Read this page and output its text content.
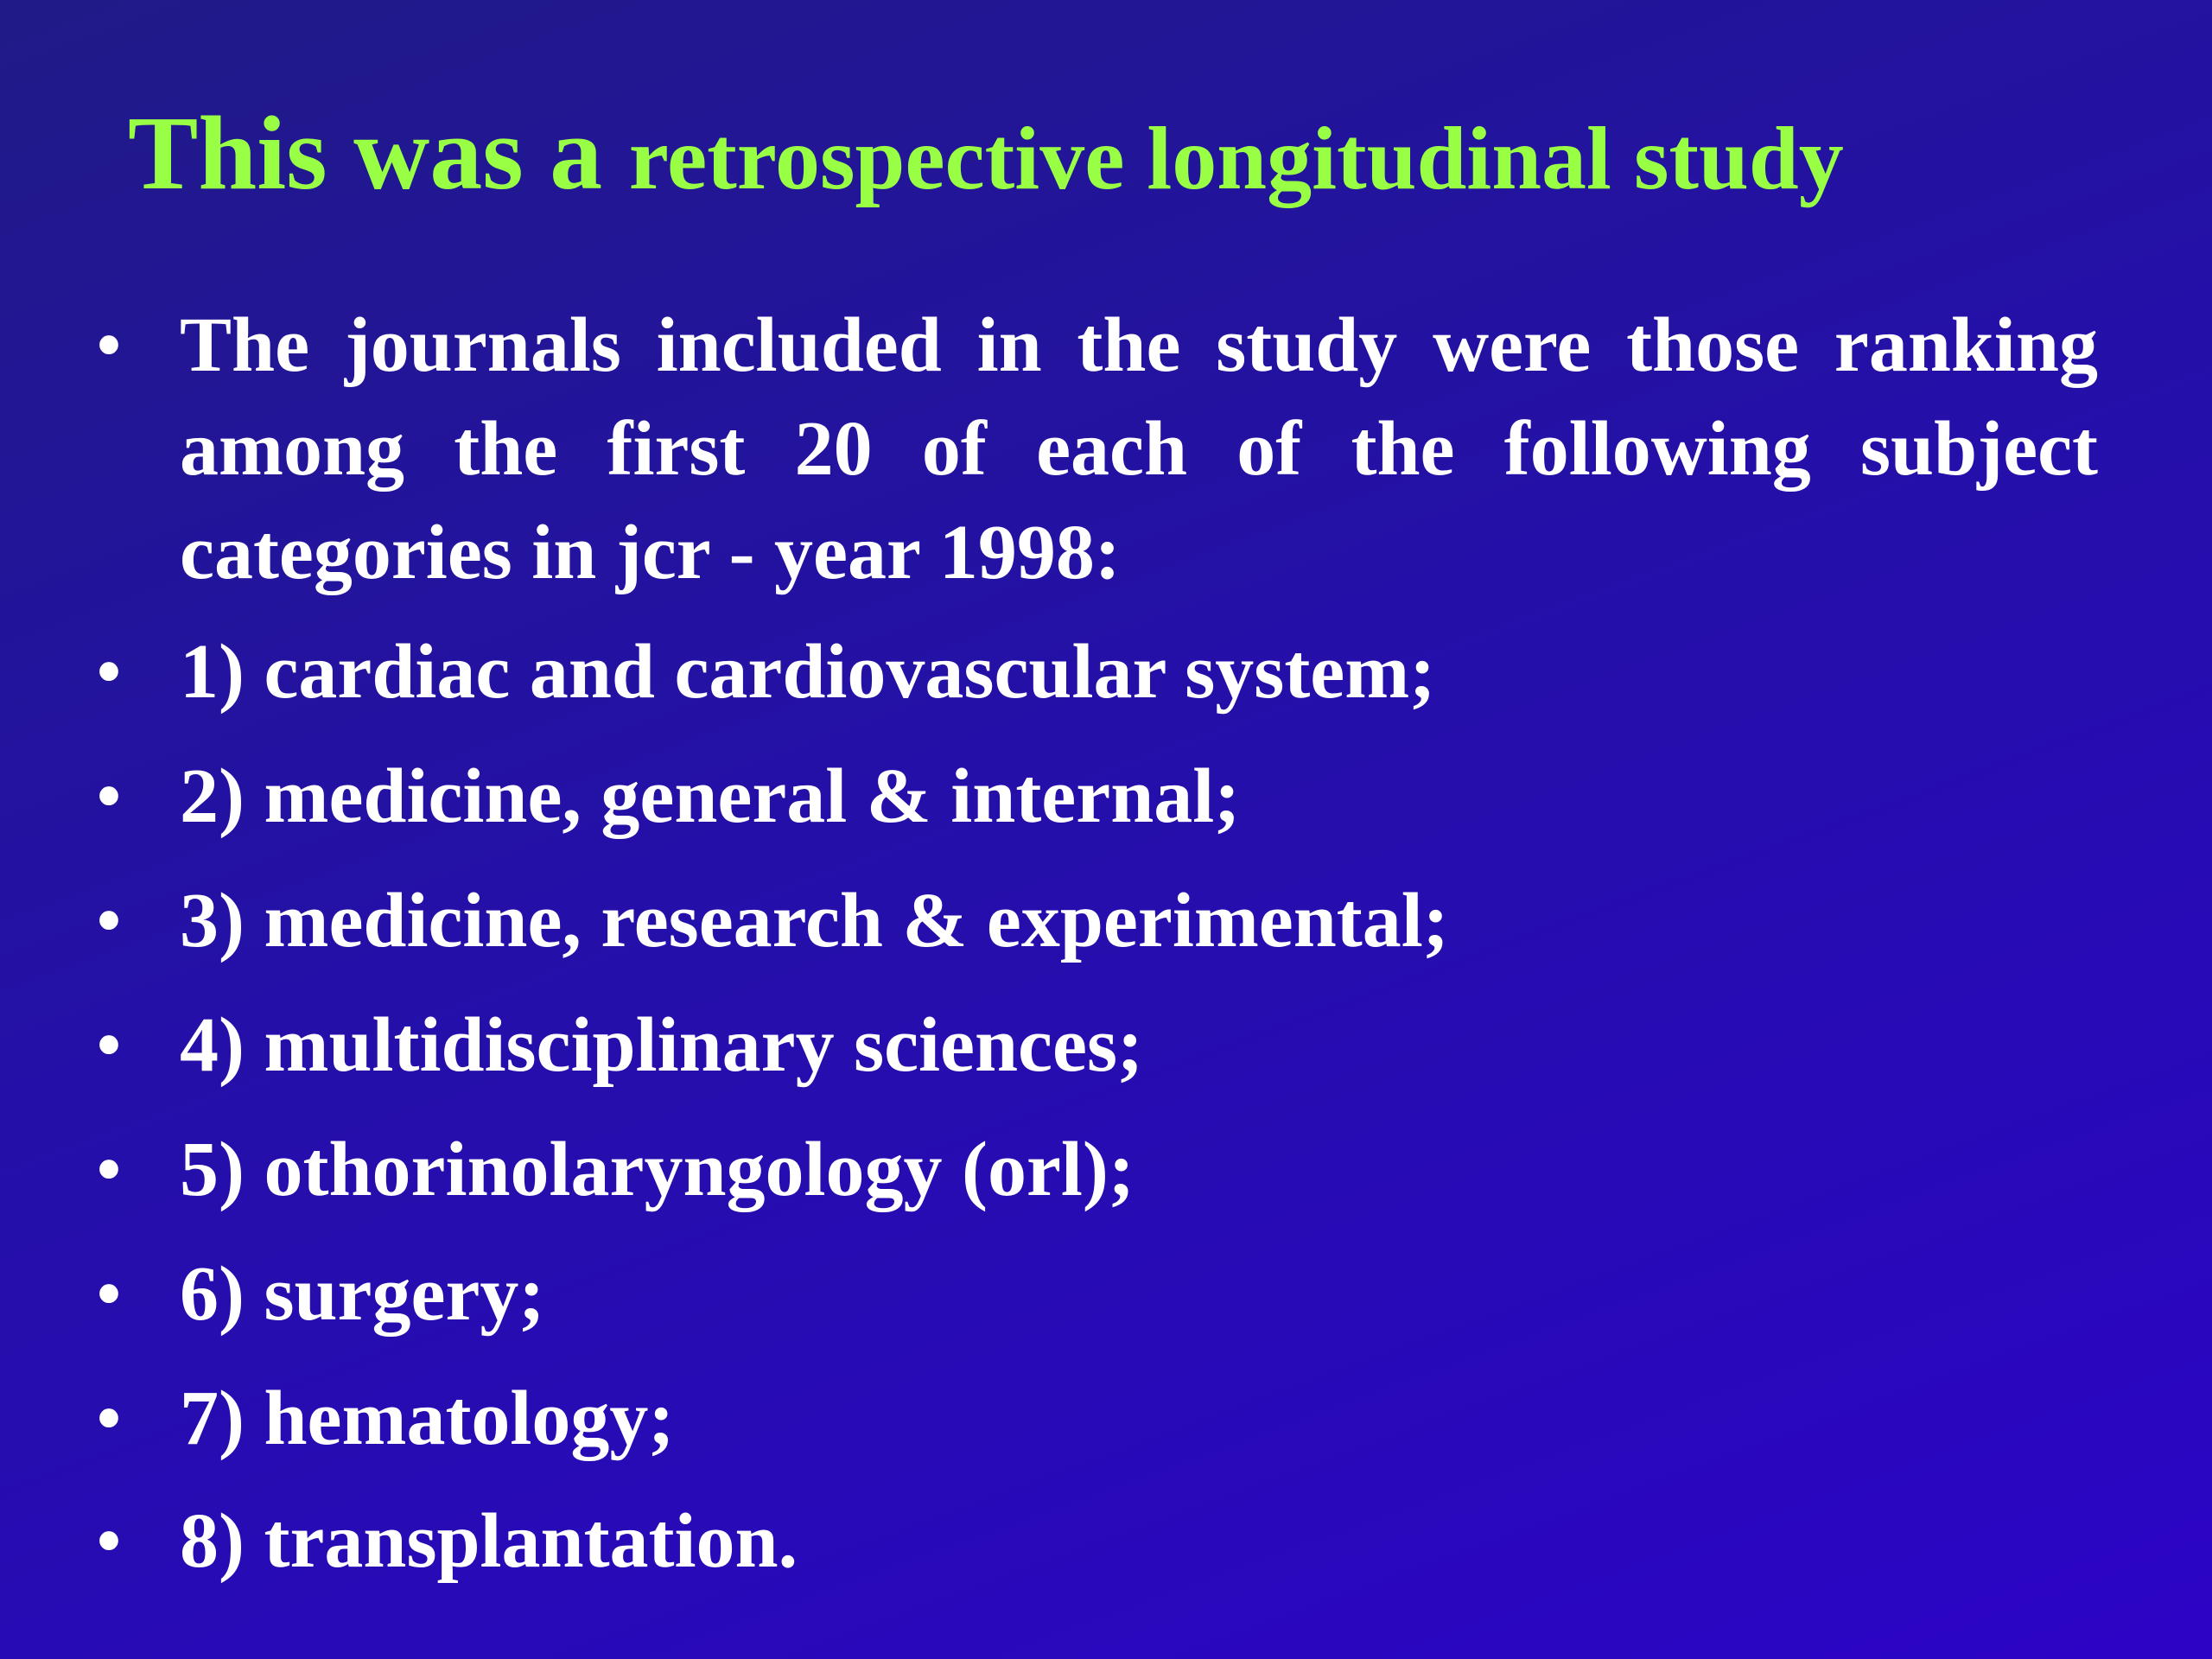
This was a retrospective longitudinal study
• The journals included in the study were those ranking among the first 20 of each of the following subject categories in jcr - year 1998:
• 1) cardiac and cardiovascular system;
• 2) medicine, general & internal;
• 3) medicine, research & experimental;
• 4) multidisciplinary sciences;
• 5) othorinolaryngology (orl);
• 6) surgery;
• 7) hematology;
• 8) transplantation.
